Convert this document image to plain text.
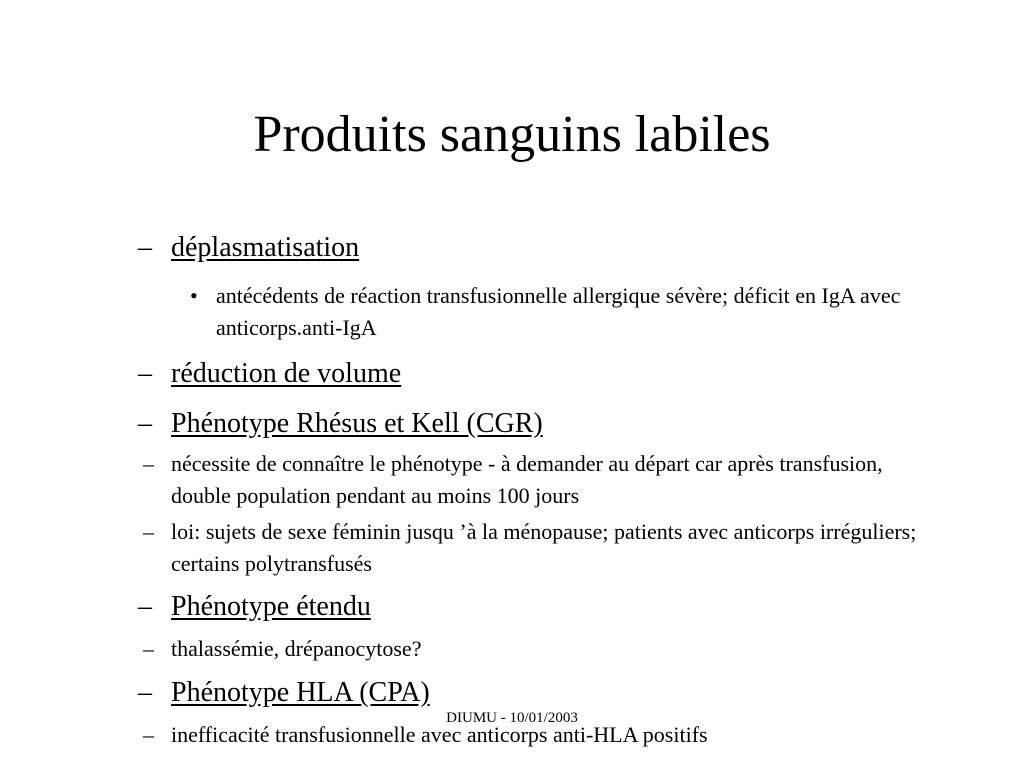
Produits sanguins labiles
– déplasmatisation
• antécédents de réaction transfusionnelle allergique sévère; déficit en IgA avec anticorps.anti-IgA
– réduction de volume
– Phénotype Rhésus et Kell (CGR)
– nécessite de connaître le phénotype - à demander au départ car après transfusion, double population pendant au moins 100 jours
– loi: sujets de sexe féminin jusqu ’à la ménopause; patients avec anticorps irréguliers; certains polytransfusés
– Phénotype étendu
– thalassémie, drépanocytose?
– Phénotype HLA (CPA)
– inefficacité transfusionnelle avec anticorps anti-HLA positifs

DIUMU - 10/01/2003
